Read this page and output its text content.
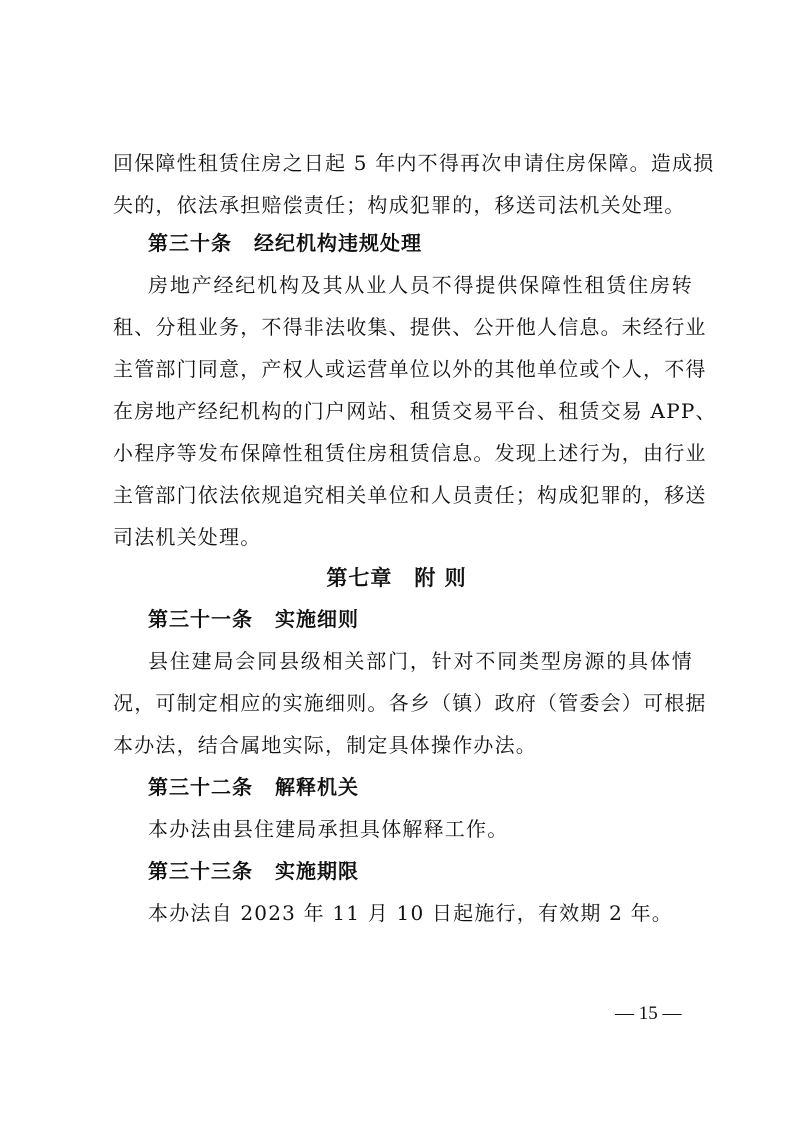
回保障性租赁住房之日起 5 年内不得再次申请住房保障。造成损
失的，依法承担赔偿责任；构成犯罪的，移送司法机关处理。
第三十条 经纪机构违规处理
房地产经纪机构及其从业人员不得提供保障性租赁住房转
租、分租业务，不得非法收集、提供、公开他人信息。未经行业
主管部门同意，产权人或运营单位以外的其他单位或个人，不得
在房地产经纪机构的门户网站、租赁交易平台、租赁交易 APP、
小程序等发布保障性租赁住房租赁信息。发现上述行为，由行业
主管部门依法依规追究相关单位和人员责任；构成犯罪的，移送
司法机关处理。
第七章 附 则
第三十一条 实施细则
县住建局会同县级相关部门，针对不同类型房源的具体情
况，可制定相应的实施细则。各乡（镇）政府（管委会）可根据
本办法，结合属地实际，制定具体操作办法。
第三十二条 解释机关
本办法由县住建局承担具体解释工作。
第三十三条 实施期限
本办法自 2023 年 11 月 10 日起施行，有效期 2 年。
— 15 —
